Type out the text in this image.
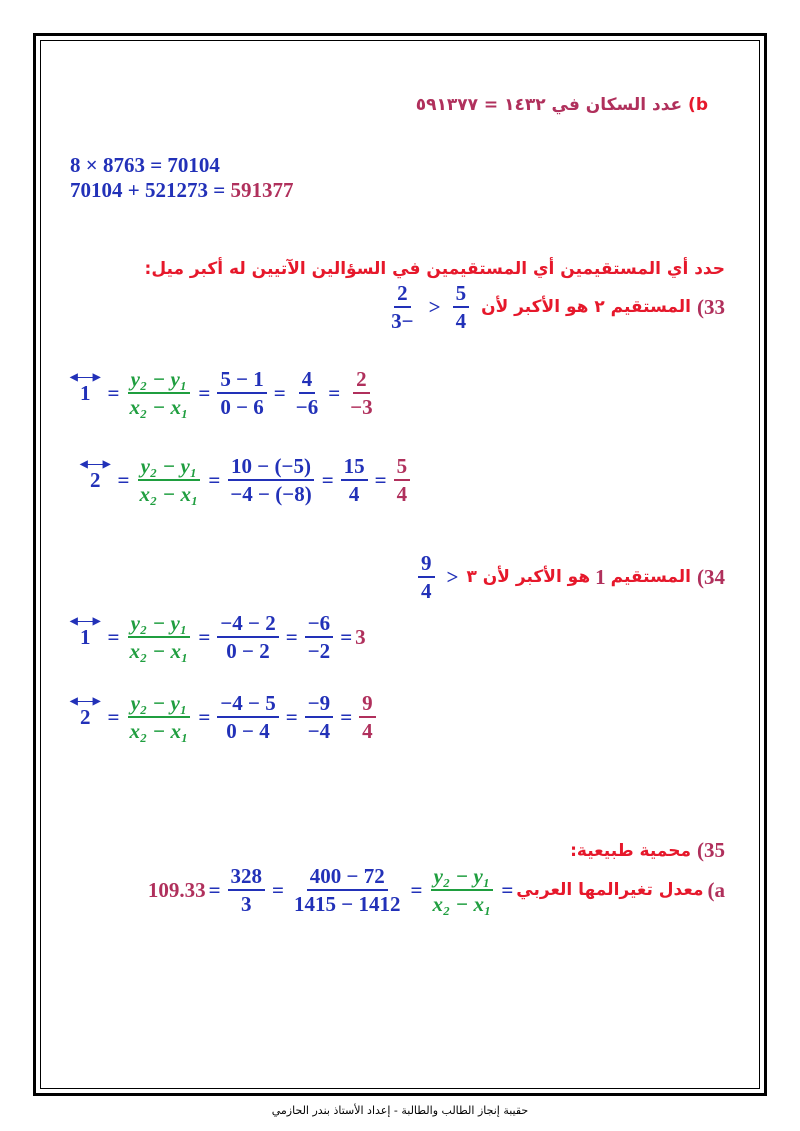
b) عدد السكان في ١٤٣٢ = ٥٩١٣٧٧
8 × 8763 = 70104
70104 + 521273 = 591377
حدد أي المستقيمين أي المستقيمين في السؤالين الآتيين له أكبر ميل:
33)
المستقيم ٢ هو الأكبر لأن
$\frac{5}{4}$
<
$\frac{2}{-3}$
◀
1
▶
= $\frac{\text{y₂ − y₁}}{\text{x₂ − x₁}} = \frac{5 - 1}{0 - 6} = \frac{4}{-6} = \frac{2}{-3}$
◀
2
▶
= $\frac{\text{y₂ − y₁}}{\text{x₂ − x₁}} = \frac{10 - (-5)}{-4 - (-8)} = \frac{15}{4} = \frac{5}{4}$
34)
المستقيم
1
هو الأكبر لأن ٣
<
$\frac{9}{4}$
◀
1
▶
= $\frac{\text{y₂ − y₁}}{\text{x₂ − x₁}} = \frac{-4 - 2}{0 - 2} = \frac{-6}{-2} = 3$
◀
2
▶
= $\frac{\text{y₂ − y₁}}{\text{x₂ − x₁}} = \frac{-4 - 5}{0 - 4} = \frac{-9}{-4} = \frac{9}{4}$
35)
محمية طبيعية:
a)
معدل تغيرالمها العربي
=
$\frac{\text{y₂ − y₁}}{\text{x₂ − x₁}}$
=
$\frac{400 - 72}{1415 - 1412}$
=
$\frac{328}{3}$
=
109.33
حقيبة إنجاز الطالب والطالبة - إعداد الأستاذ بندر الحازمي
